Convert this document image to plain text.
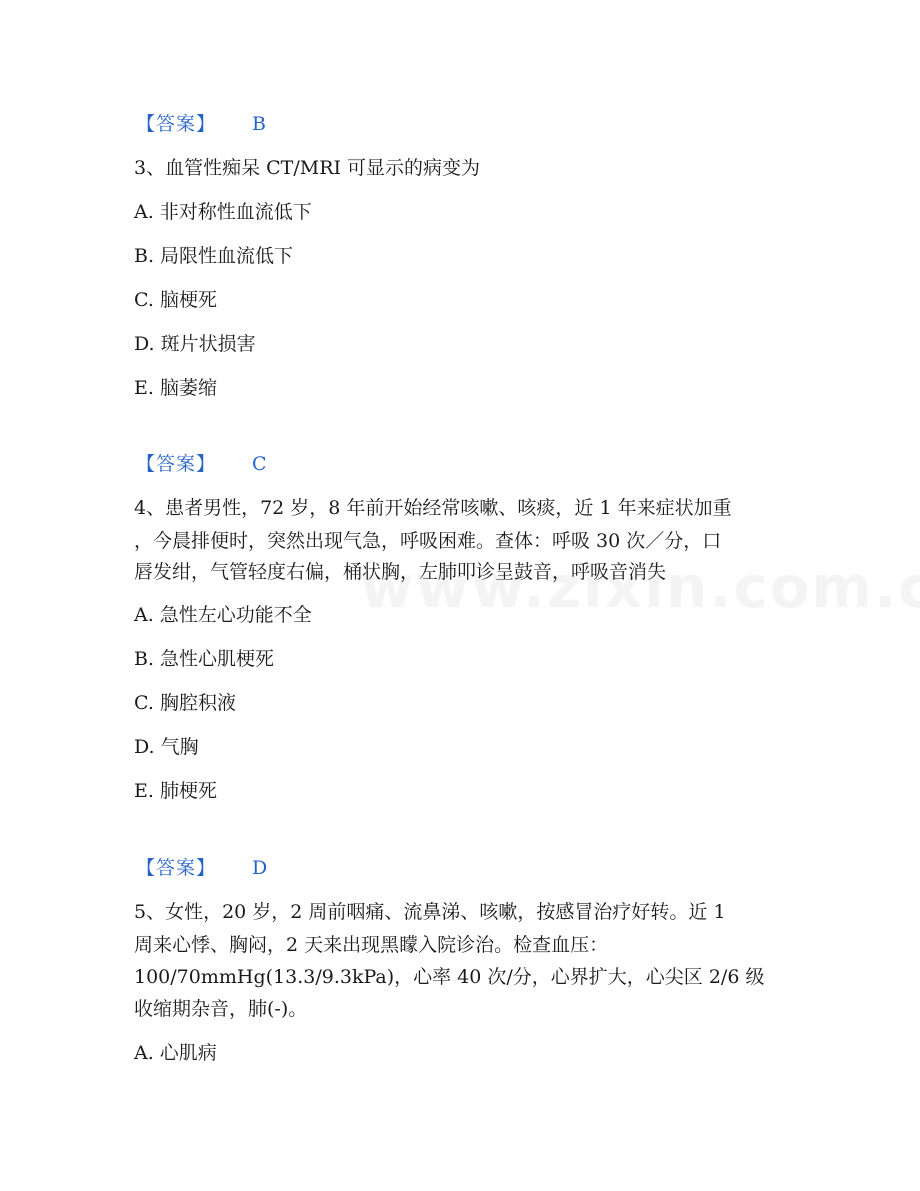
【答案】 B
3、血管性痴呆 CT/MRI 可显示的病变为
A. 非对称性血流低下
B. 局限性血流低下
C. 脑梗死
D. 斑片状损害
E. 脑萎缩
【答案】 C
4、患者男性，72 岁，8 年前开始经常咳嗽、咳痰，近 1 年来症状加重
，今晨排便时，突然出现气急，呼吸困难。查体：呼吸 30 次／分，口
唇发绀，气管轻度右偏，桶状胸，左肺叩诊呈鼓音，呼吸音消失
A. 急性左心功能不全
B. 急性心肌梗死
C. 胸腔积液
D. 气胸
E. 肺梗死
【答案】 D
5、女性，20 岁，2 周前咽痛、流鼻涕、咳嗽，按感冒治疗好转。近 1
周来心悸、胸闷，2 天来出现黑矇入院诊治。检查血压：
100/70mmHg(13.3/9.3kPa)，心率 40 次/分，心界扩大，心尖区 2/6 级
收缩期杂音，肺(-)。
A. 心肌病
